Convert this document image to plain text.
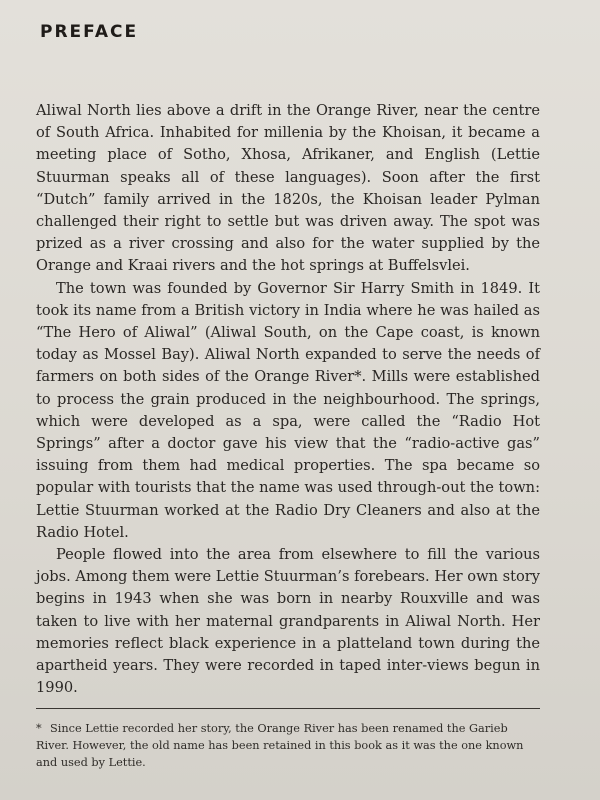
PREFACE

Aliwal North lies above a drift in the Orange River, near the centre of South Africa. Inhabited for millenia by the Khoisan, it became a meeting place of Sotho, Xhosa, Afrikaner, and English (Lettie Stuurman speaks all of these languages). Soon after the first “Dutch” family arrived in the 1820s, the Khoisan leader Pylman challenged their right to settle but was driven away. The spot was prized as a river crossing and also for the water supplied by the Orange and Kraai rivers and the hot springs at Buffelsvlei.

The town was founded by Governor Sir Harry Smith in 1849. It took its name from a British victory in India where he was hailed as “The Hero of Aliwal” (Aliwal South, on the Cape coast, is known today as Mossel Bay). Aliwal North expanded to serve the needs of farmers on both sides of the Orange River*. Mills were established to process the grain produced in the neighbourhood. The springs, which were developed as a spa, were called the “Radio Hot Springs” after a doctor gave his view that the “radio-active gas” issuing from them had medical properties. The spa became so popular with tourists that the name was used through-out the town: Lettie Stuurman worked at the Radio Dry Cleaners and also at the Radio Hotel.

People flowed into the area from elsewhere to fill the various jobs. Among them were Lettie Stuurman’s forebears. Her own story begins in 1943 when she was born in nearby Rouxville and was taken to live with her maternal grandparents in Aliwal North. Her memories reflect black experience in a platteland town during the apartheid years. They were recorded in taped inter-views begun in 1990.

* Since Lettie recorded her story, the Orange River has been renamed the Garieb River. However, the old name has been retained in this book as it was the one known and used by Lettie.
